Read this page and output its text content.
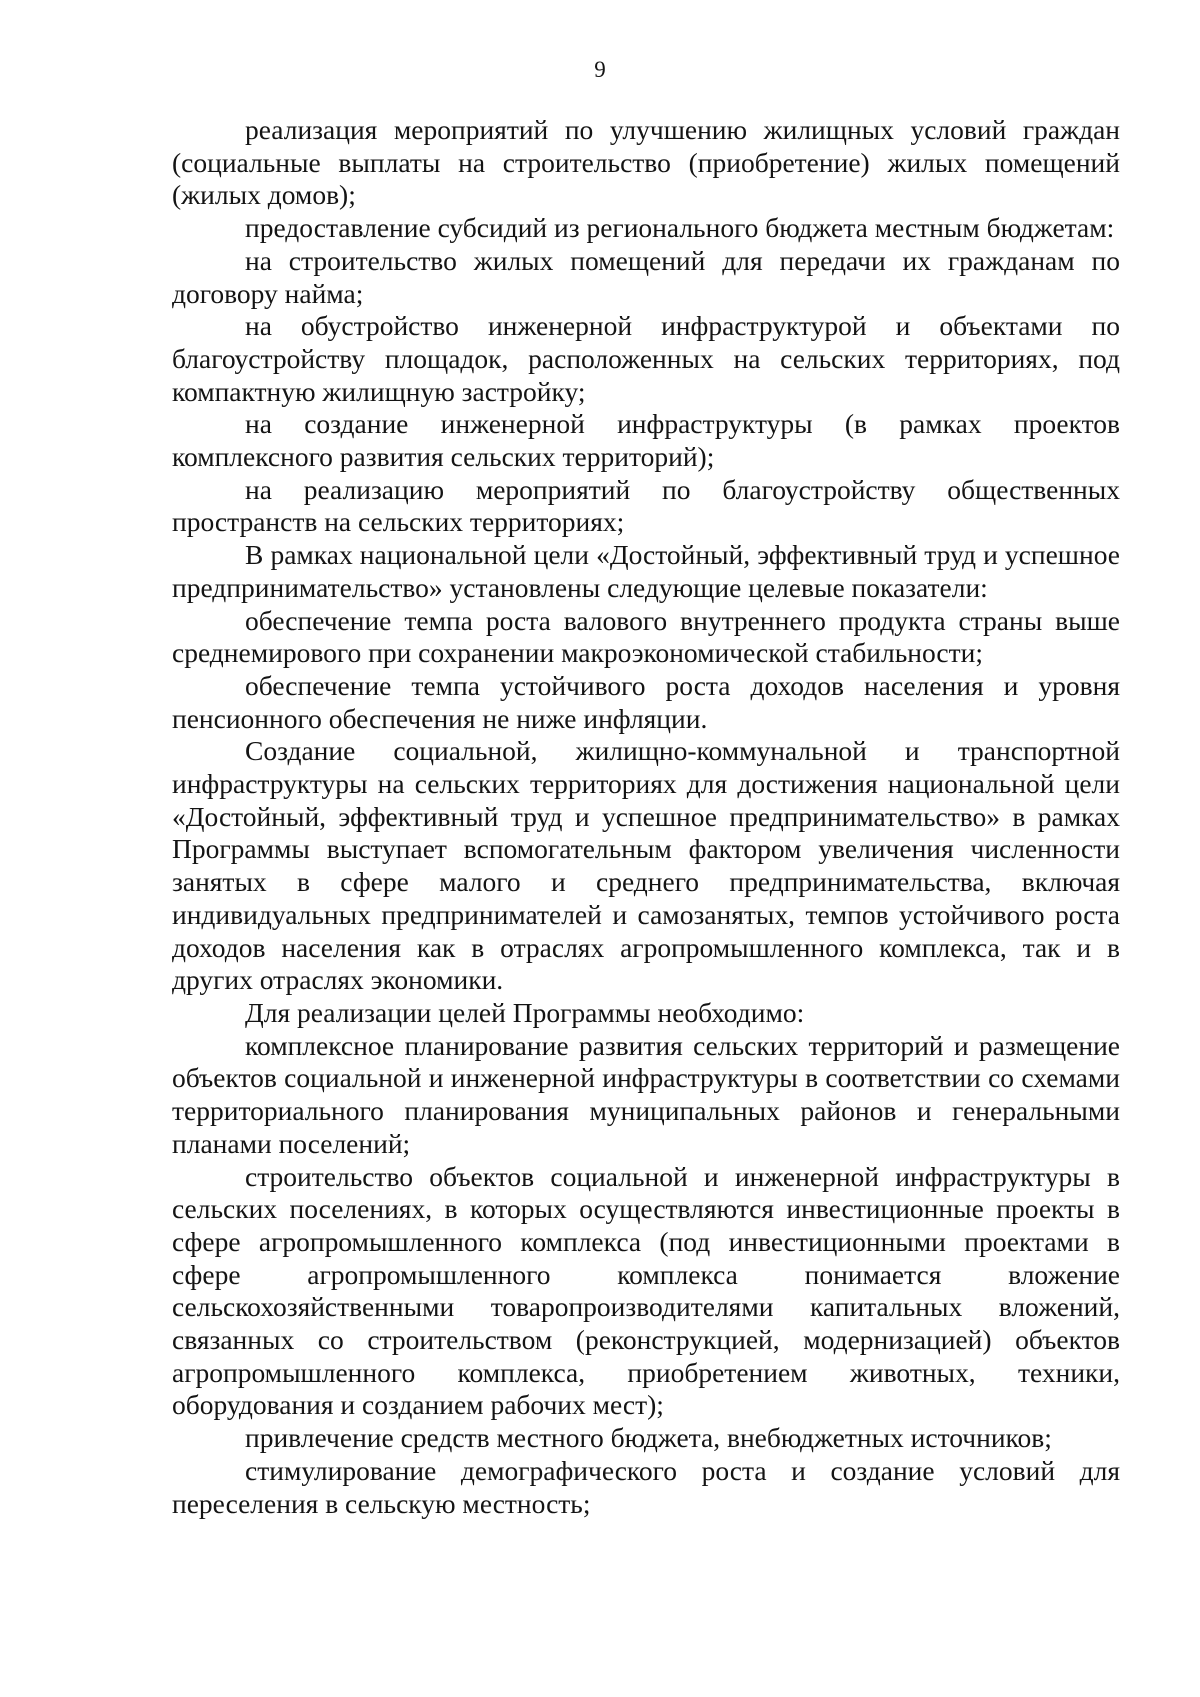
9

реализация мероприятий по улучшению жилищных условий граждан (социальные выплаты на строительство (приобретение) жилых помещений (жилых домов);

предоставление субсидий из регионального бюджета местным бюджетам:

на строительство жилых помещений для передачи их гражданам по договору найма;

на обустройство инженерной инфраструктурой и объектами по благоустройству площадок, расположенных на сельских территориях, под компактную жилищную застройку;

на создание инженерной инфраструктуры (в рамках проектов комплексного развития сельских территорий);

на реализацию мероприятий по благоустройству общественных пространств на сельских территориях;

В рамках национальной цели «Достойный, эффективный труд и успешное предпринимательство» установлены следующие целевые показатели:

обеспечение темпа роста валового внутреннего продукта страны выше среднемирового при сохранении макроэкономической стабильности;

обеспечение темпа устойчивого роста доходов населения и уровня пенсионного обеспечения не ниже инфляции.

Создание социальной, жилищно-коммунальной и транспортной инфраструктуры на сельских территориях для достижения национальной цели «Достойный, эффективный труд и успешное предпринимательство» в рамках Программы выступает вспомогательным фактором увеличения численности занятых в сфере малого и среднего предпринимательства, включая индивидуальных предпринимателей и самозанятых, темпов устойчивого роста доходов населения как в отраслях агропромышленного комплекса, так и в других отраслях экономики.

Для реализации целей Программы необходимо:

комплексное планирование развития сельских территорий и размещение объектов социальной и инженерной инфраструктуры в соответствии со схемами территориального планирования муниципальных районов и генеральными планами поселений;

строительство объектов социальной и инженерной инфраструктуры в сельских поселениях, в которых осуществляются инвестиционные проекты в сфере агропромышленного комплекса (под инвестиционными проектами в сфере агропромышленного комплекса понимается вложение сельскохозяйственными товаропроизводителями капитальных вложений, связанных со строительством (реконструкцией, модернизацией) объектов агропромышленного комплекса, приобретением животных, техники, оборудования и созданием рабочих мест);

привлечение средств местного бюджета, внебюджетных источников;

стимулирование демографического роста и создание условий для переселения в сельскую местность;
